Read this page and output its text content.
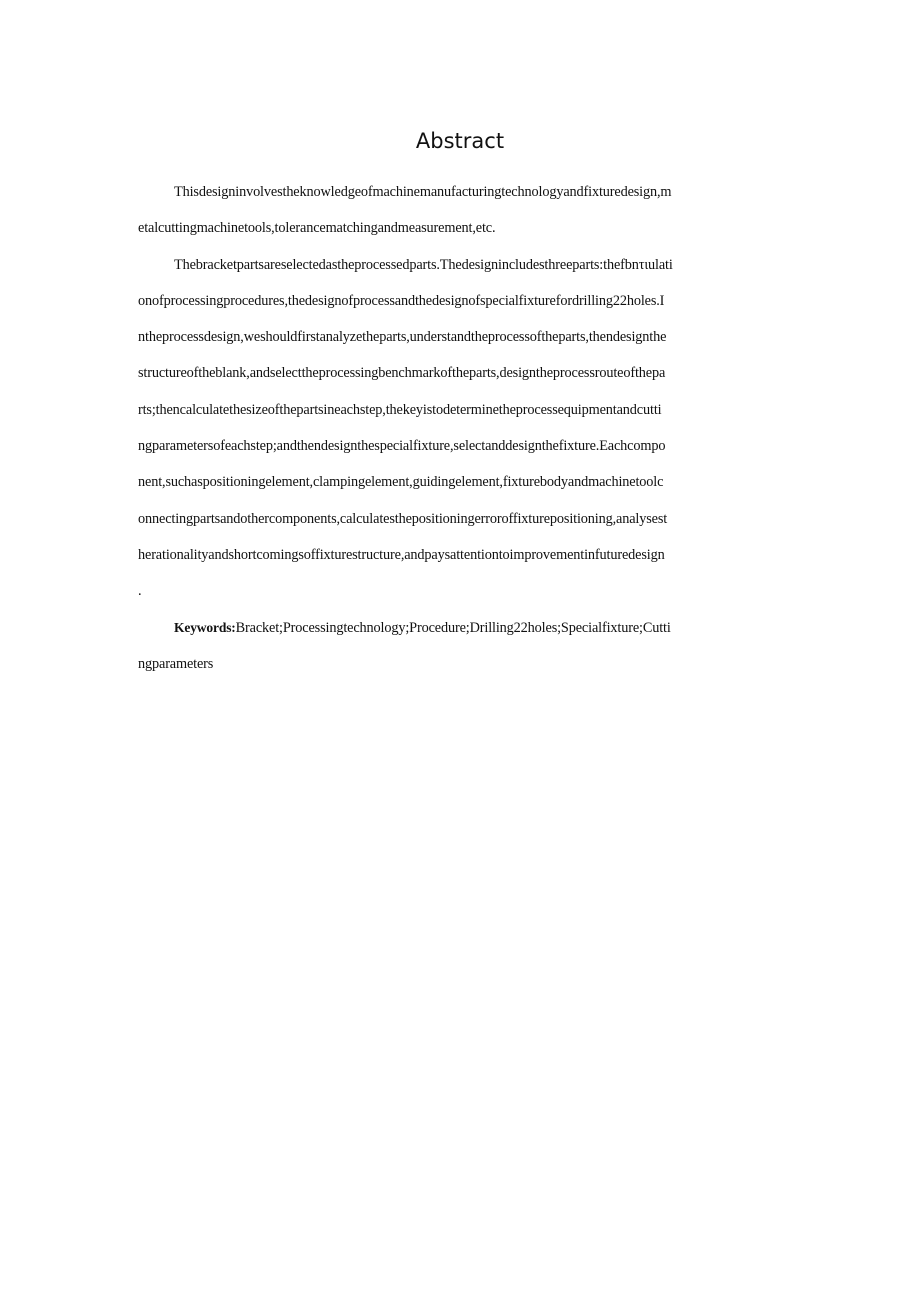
Abstract
Thisdesigninvolvestheknowledgeofmachinemanufacturingtechnologyandfixturedesign,m
etalcuttingmachinetools,tolerancematchingandmeasurement,etc.
Thebracketpartsareselectedastheprocessedparts.Thedesignincludesthreeparts:thefbnτιulati
onofprocessingprocedures,thedesignofprocessandthedesignofspecialfixturefordrilling22holes.I
ntheprocessdesign,weshouldfirstanalyzetheparts,understandtheprocessoftheparts,thendesignthe
structureoftheblank,andselecttheprocessingbenchmarkoftheparts,designtheprocessrouteofthepa
rts;thencalculatethesizeofthepartsineachstep,thekeyistodeterminetheprocessequipmentandcutti
ngparametersofeachstep;andthendesignthespecialfixture,selectanddesignthefixture.Eachcompo
nent,suchaspositioningelement,clampingelement,guidingelement,fixturebodyandmachinetoolc
onnectingpartsandothercomponents,calculatesthepositioningerroroffixturepositioning,analysest
herationalityandshortcomingsoffixturestructure,andpaysattentiontoimprovementinfuturedesign
.
Keywords:Bracket;Processingtechnology;Procedure;Drilling22holes;Specialfixture;Cutti
ngparameters
